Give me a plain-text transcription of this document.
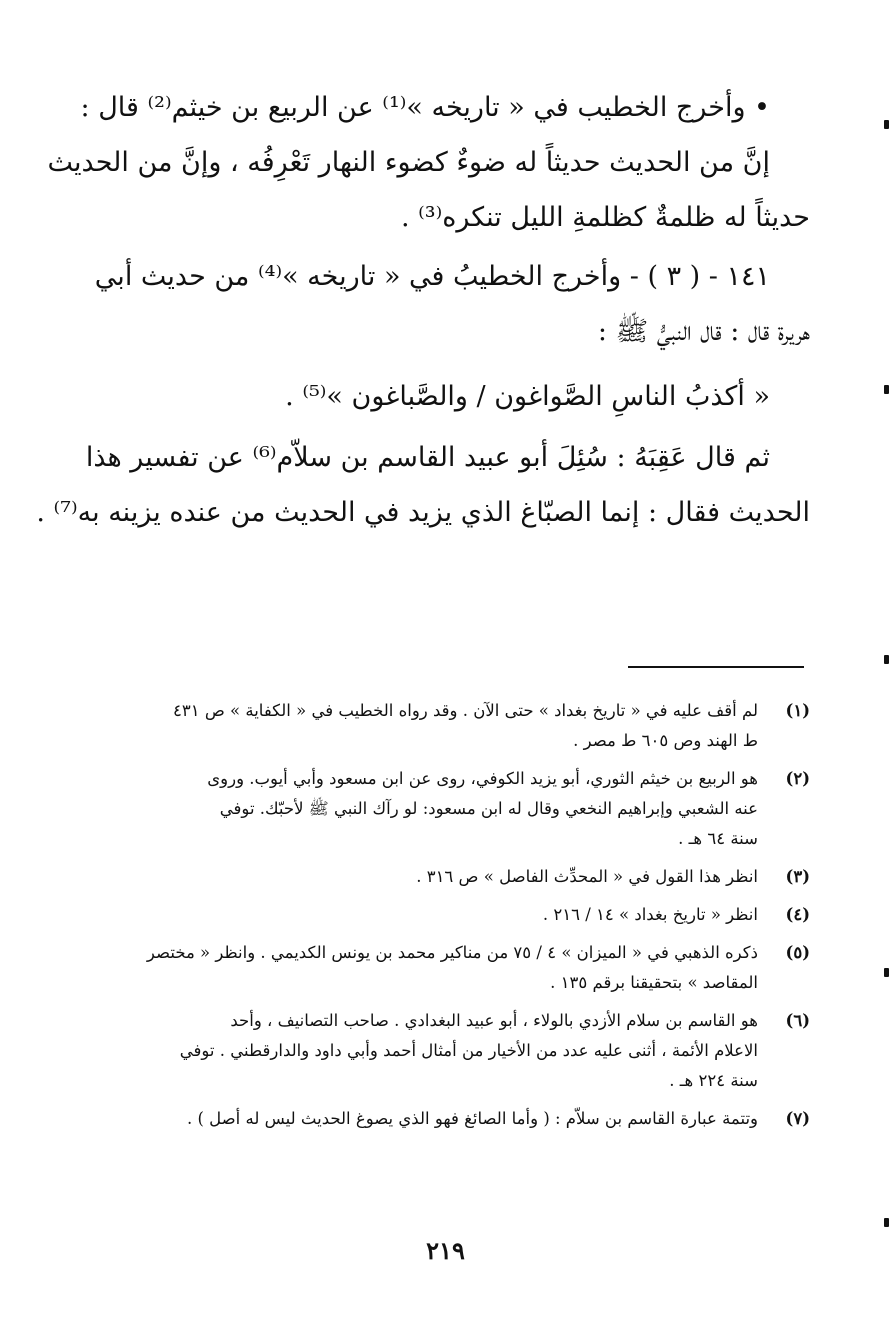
• وأخرج الخطيب في « تاريخه »⁽¹⁾ عن الربيع بن خيثم⁽²⁾ قال :
إنَّ من الحديث حديثاً له ضوءٌ كضوء النهار تَعْرِفُه ، وإنَّ من الحديث
حديثاً له ظلمةٌ كظلمةِ الليل تنكره⁽³⁾ .
١٤١ - ( ٣ ) - وأخرج الخطيبُ في « تاريخه »⁽⁴⁾ من حديث أبي
هريرة قال : قال النبيُّ ﷺ :
« أكذبُ الناسِ الصَّواغون / والصَّباغون »⁽⁵⁾ .
ثم قال عَقِبَهُ : سُئِلَ أبو عبيد القاسم بن سلاّم⁽⁶⁾ عن تفسير هذا
الحديث فقال : إنما الصبّاغ الذي يزيد في الحديث من عنده يزينه به⁽⁷⁾ .
(١)
لم أقف عليه في « تاريخ بغداد » حتى الآن . وقد رواه الخطيب في « الكفاية » ص ٤٣١
ط الهند وص ٦٠٥ ط مصر .
(٢)
هو الربيع بن خيثم الثوري، أبو يزيد الكوفي، روى عن ابن مسعود وأبي أيوب. وروى
عنه الشعبي وإبراهيم النخعي وقال له ابن مسعود: لو رآك النبي ﷺ لأحبّك. توفي
سنة ٦٤ هـ .
(٣)
انظر هذا القول في « المحدِّث الفاصل » ص ٣١٦ .
(٤)
انظر « تاريخ بغداد » ١٤ / ٢١٦ .
(٥)
ذكره الذهبي في « الميزان » ٤ / ٧٥ من مناكير محمد بن يونس الكديمي . وانظر « مختصر
المقاصد » بتحقيقنا برقم ١٣٥ .
(٦)
هو القاسم بن سلام الأزدي بالولاء ، أبو عبيد البغدادي . صاحب التصانيف ، وأحد
الاعلام الأئمة ، أثنى عليه عدد من الأخيار من أمثال أحمد وأبي داود والدارقطني . توفي
سنة ٢٢٤ هـ .
(٧)
وتتمة عبارة القاسم بن سلاّم : ( وأما الصائغ فهو الذي يصوغ الحديث ليس له أصل ) .
٢١٩
